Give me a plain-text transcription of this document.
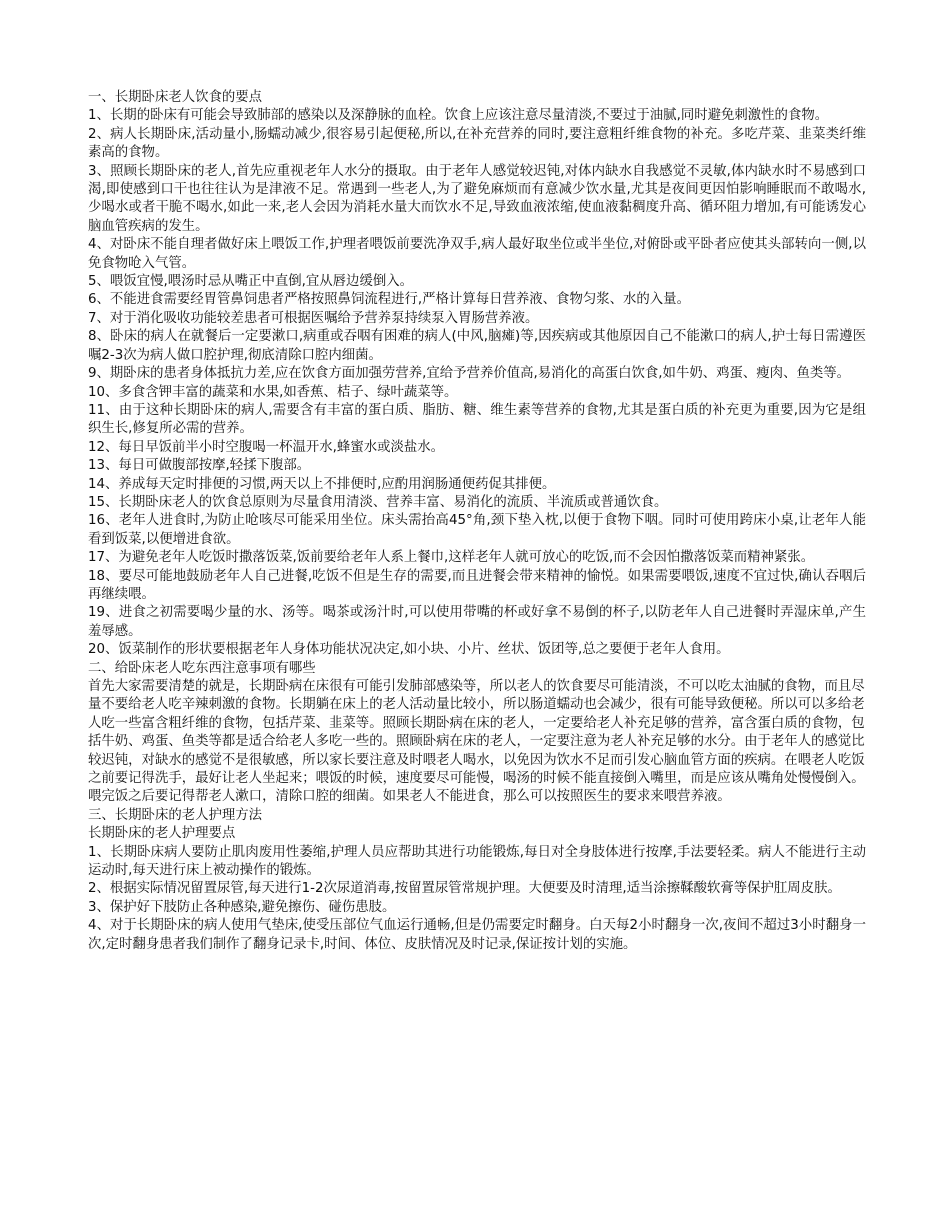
一、长期卧床老人饮食的要点
1、长期的卧床有可能会导致肺部的感染以及深静脉的血栓。饮食上应该注意尽量清淡,不要过于油腻,同时避免刺激性的食物。
2、病人长期卧床,活动量小,肠蠕动减少,很容易引起便秘,所以,在补充营养的同时,要注意粗纤维食物的补充。多吃芹菜、韭菜类纤维素高的食物。
3、照顾长期卧床的老人,首先应重视老年人水分的摄取。由于老年人感觉较迟钝,对体内缺水自我感觉不灵敏,体内缺水时不易感到口渴,即使感到口干也往往认为是津液不足。常遇到一些老人,为了避免麻烦而有意减少饮水量,尤其是夜间更因怕影响睡眠而不敢喝水,少喝水或者干脆不喝水,如此一来,老人会因为消耗水量大而饮水不足,导致血液浓缩,使血液黏稠度升高、循环阻力增加,有可能诱发心脑血管疾病的发生。
4、对卧床不能自理者做好床上喂饭工作,护理者喂饭前要洗净双手,病人最好取坐位或半坐位,对俯卧或平卧者应使其头部转向一侧,以免食物呛入气管。
5、喂饭宜慢,喂汤时忌从嘴正中直倒,宜从唇边缓倒入。
6、不能进食需要经胃管鼻饲患者严格按照鼻饲流程进行,严格计算每日营养液、食物匀浆、水的入量。
7、对于消化吸收功能较差患者可根据医嘱给予营养泵持续泵入胃肠营养液。
8、卧床的病人在就餐后一定要漱口,病重或吞咽有困难的病人(中风,脑瘫)等,因疾病或其他原因自己不能漱口的病人,护士每日需遵医嘱2-3次为病人做口腔护理,彻底清除口腔内细菌。
9、期卧床的患者身体抵抗力差,应在饮食方面加强劳营养,宜给予营养价值高,易消化的高蛋白饮食,如牛奶、鸡蛋、瘦肉、鱼类等。
10、多食含钾丰富的蔬菜和水果,如香蕉、桔子、绿叶蔬菜等。
11、由于这种长期卧床的病人,需要含有丰富的蛋白质、脂肪、糖、维生素等营养的食物,尤其是蛋白质的补充更为重要,因为它是组织生长,修复所必需的营养。
12、每日早饭前半小时空腹喝一杯温开水,蜂蜜水或淡盐水。
13、每日可做腹部按摩,轻揉下腹部。
14、养成每天定时排便的习惯,两天以上不排便时,应酌用润肠通便药促其排便。
15、长期卧床老人的饮食总原则为尽量食用清淡、营养丰富、易消化的流质、半流质或普通饮食。
16、老年人进食时,为防止呛咳尽可能采用坐位。床头需抬高45°角,颈下垫入枕,以便于食物下咽。同时可使用跨床小桌,让老年人能看到饭菜,以便增进食欲。
17、为避免老年人吃饭时撒落饭菜,饭前要给老年人系上餐巾,这样老年人就可放心的吃饭,而不会因怕撒落饭菜而精神紧张。
18、要尽可能地鼓励老年人自己进餐,吃饭不但是生存的需要,而且进餐会带来精神的愉悦。如果需要喂饭,速度不宜过快,确认吞咽后再继续喂。
19、进食之初需要喝少量的水、汤等。喝茶或汤汁时,可以使用带嘴的杯或好拿不易倒的杯子,以防老年人自己进餐时弄湿床单,产生羞辱感。
20、饭菜制作的形状要根据老年人身体功能状况决定,如小块、小片、丝状、饭团等,总之要便于老年人食用。
二、给卧床老人吃东西注意事项有哪些
首先大家需要清楚的就是，长期卧病在床很有可能引发肺部感染等，所以老人的饮食要尽可能清淡，不可以吃太油腻的食物，而且尽量不要给老人吃辛辣刺激的食物。长期躺在床上的老人活动量比较小，所以肠道蠕动也会减少，很有可能导致便秘。所以可以多给老人吃一些富含粗纤维的食物，包括芹菜、韭菜等。照顾长期卧病在床的老人，一定要给老人补充足够的营养，富含蛋白质的食物，包括牛奶、鸡蛋、鱼类等都是适合给老人多吃一些的。照顾卧病在床的老人，一定要注意为老人补充足够的水分。由于老年人的感觉比较迟钝，对缺水的感觉不是很敏感，所以家长要注意及时喂老人喝水，以免因为饮水不足而引发心脑血管方面的疾病。在喂老人吃饭之前要记得洗手，最好让老人坐起来；喂饭的时候，速度要尽可能慢，喝汤的时候不能直接倒入嘴里，而是应该从嘴角处慢慢倒入。喂完饭之后要记得帮老人漱口，清除口腔的细菌。如果老人不能进食，那么可以按照医生的要求来喂营养液。
三、长期卧床的老人护理方法
长期卧床的老人护理要点
1、长期卧床病人要防止肌肉废用性萎缩,护理人员应帮助其进行功能锻炼,每日对全身肢体进行按摩,手法要轻柔。病人不能进行主动运动时,每天进行床上被动操作的锻炼。
2、根据实际情况留置尿管,每天进行1-2次尿道消毒,按留置尿管常规护理。大便要及时清理,适当涂擦鞣酸软膏等保护肛周皮肤。
3、保护好下肢防止各种感染,避免擦伤、碰伤患肢。
4、对于长期卧床的病人使用气垫床,使受压部位气血运行通畅,但是仍需要定时翻身。白天每2小时翻身一次,夜间不超过3小时翻身一次,定时翻身患者我们制作了翻身记录卡,时间、体位、皮肤情况及时记录,保证按计划的实施。
